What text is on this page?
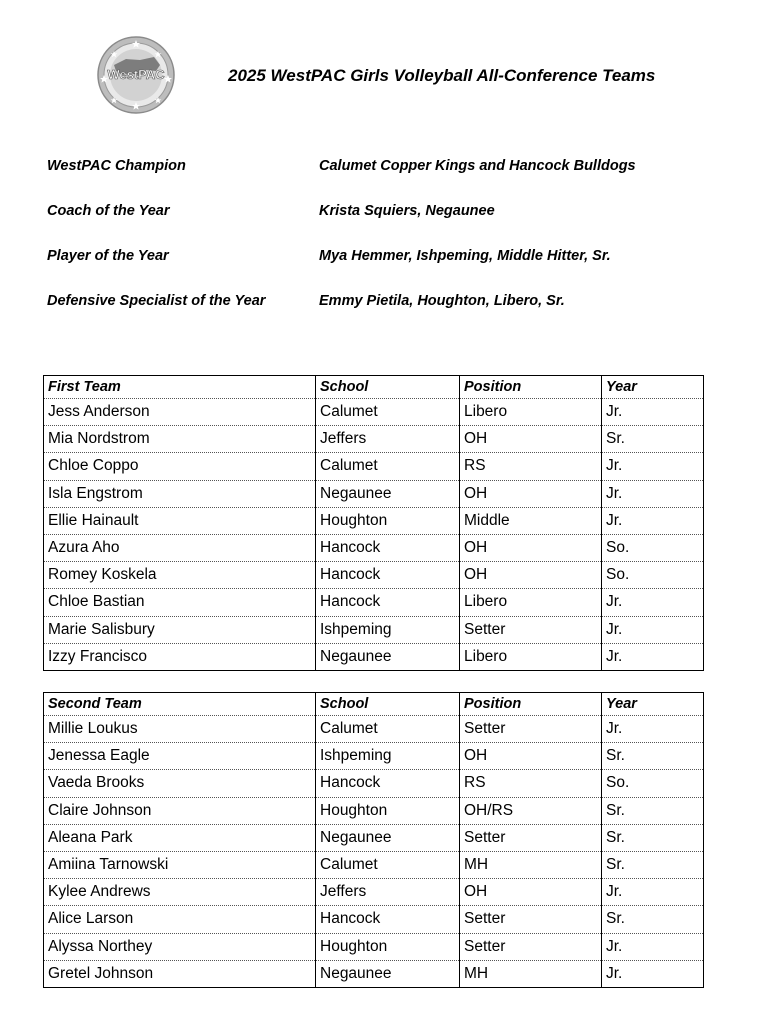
WestPAC	2025 WestPAC Girls Volleyball All-Conference Teams
WestPAC Champion	Calumet Copper Kings and Hancock Bulldogs
Coach of the Year	Krista Squiers, Negaunee
Player of the Year	Mya Hemmer, Ishpeming, Middle Hitter, Sr.
Defensive Specialist of the Year	Emmy Pietila, Houghton, Libero, Sr.
First Team	School	Position	Year
Jess Anderson	Calumet	Libero	Jr.
Mia Nordstrom	Jeffers	OH	Sr.
Chloe Coppo	Calumet	RS	Jr.
Isla Engstrom	Negaunee	OH	Jr.
Ellie Hainault	Houghton	Middle	Jr.
Azura Aho	Hancock	OH	So.
Romey Koskela	Hancock	OH	So.
Chloe Bastian	Hancock	Libero	Jr.
Marie Salisbury	Ishpeming	Setter	Jr.
Izzy Francisco	Negaunee	Libero	Jr.
Second Team	School	Position	Year
Millie Loukus	Calumet	Setter	Jr.
Jenessa Eagle	Ishpeming	OH	Sr.
Vaeda Brooks	Hancock	RS	So.
Claire Johnson	Houghton	OH/RS	Sr.
Aleana Park	Negaunee	Setter	Sr.
Amiina Tarnowski	Calumet	MH	Sr.
Kylee Andrews	Jeffers	OH	Jr.
Alice Larson	Hancock	Setter	Sr.
Alyssa Northey	Houghton	Setter	Jr.
Gretel Johnson	Negaunee	MH	Jr.
